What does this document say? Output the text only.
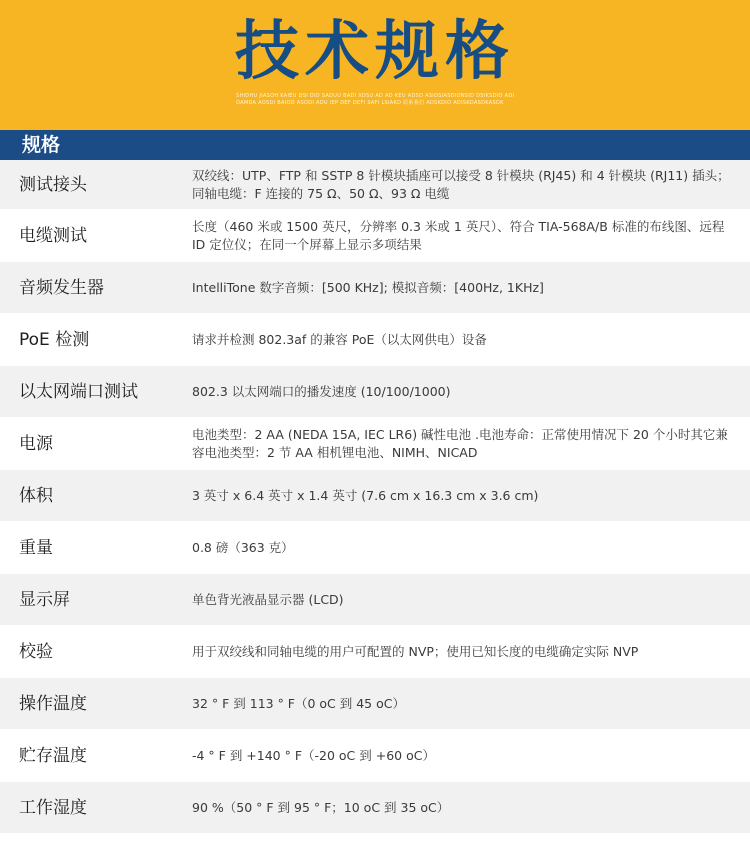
技术规格
SHIDHU JIASOH KAIEU DSI DID SADUU BADI XOSU AD AD KEU ADSD ASIDSIASDIONSID DSIKSDIO ADIOAMDA AOSDI BAIOD ASODI ADU IEP DEF DEFI SAFI LSIAKD 联系我们 ADSKDIO ADISKDASDKASDK
规格
测试接头	双绞线：UTP、FTP 和 SSTP 8 针模块插座可以接受 8 针模块 (RJ45) 和 4 针模块 (RJ11) 插头；同轴电缆：F 连接的 75 Ω、50 Ω、93 Ω 电缆
电缆测试	长度（460 米或 1500 英尺，分辨率 0.3 米或 1 英尺）、符合 TIA-568A/B 标准的布线图、远程 ID 定位仪；在同一个屏幕上显示多项结果
音频发生器	IntelliTone 数字音频：[500 KHz]; 模拟音频：[400Hz, 1KHz]
PoE 检测	请求并检测 802.3af 的兼容 PoE（以太网供电）设备
以太网端口测试	802.3 以太网端口的播发速度 (10/100/1000)
电源	电池类型：2 AA (NEDA 15A, IEC LR6) 碱性电池 .电池寿命：正常使用情况下 20 个小时其它兼容电池类型：2 节 AA 相机锂电池、NIMH、NICAD
体积	3 英寸 x 6.4 英寸 x 1.4 英寸 (7.6 cm x 16.3 cm x 3.6 cm)
重量	0.8 磅（363 克）
显示屏	单色背光液晶显示器 (LCD)
校验	用于双绞线和同轴电缆的用户可配置的 NVP；使用已知长度的电缆确定实际 NVP
操作温度	32 ° F 到 113 ° F（0 oC 到 45 oC）
贮存温度	-4 ° F 到 +140 ° F（-20 oC 到 +60 oC）
工作湿度	90 %（50 ° F 到 95 ° F；10 oC 到 35 oC）
